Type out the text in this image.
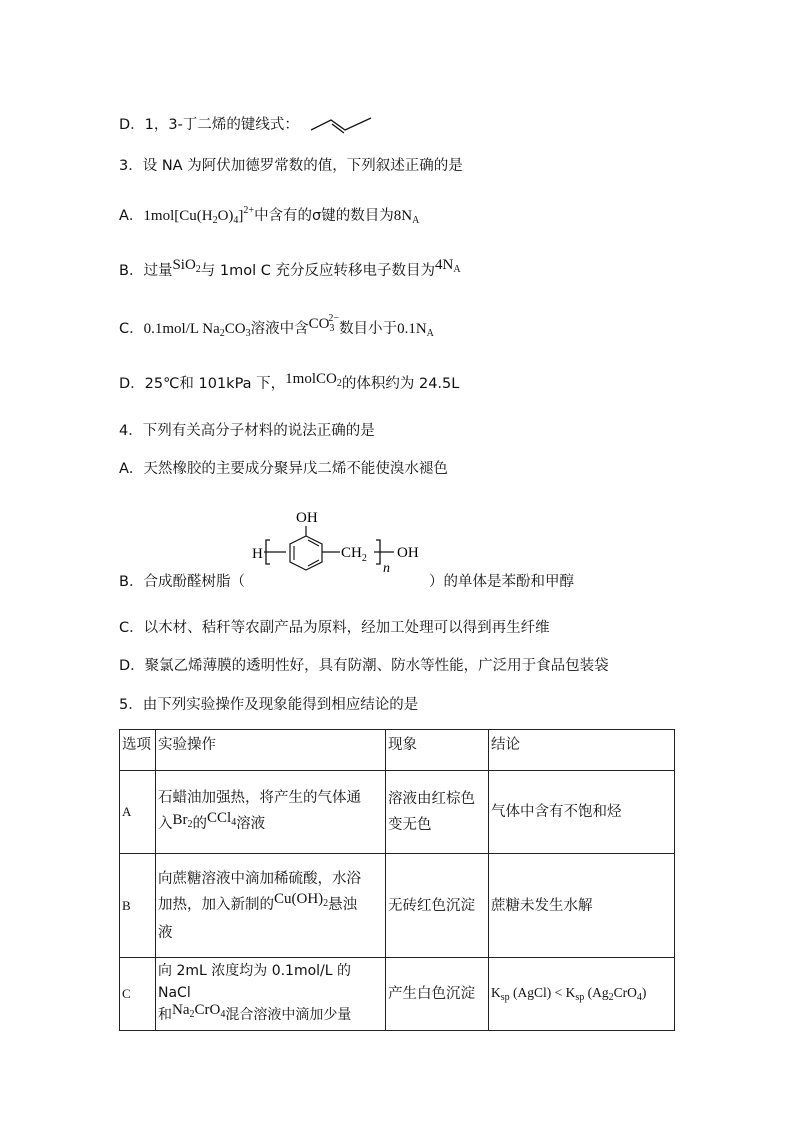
D．1，3-丁二烯的键线式：
3．设 NA 为阿伏加德罗常数的值，下列叙述正确的是
A．$1mol[Cu(H_2O)_4]^{2+}$中含有的σ键的数目为$8N_A$
B．过量SiO$_2$与 1mol C 充分反应转移电子数目为$4N_A$
C．0.1mol/L $Na_2CO_3$溶液中含$CO_3^{2-}$数目小于$0.1N_A$
D．25℃和 101kPa 下，1molCO$_2$的体积约为 24.5L
4．下列有关高分子材料的说法正确的是
A．天然橡胶的主要成分聚异戊二烯不能使溴水褪色
OH
H	$CH_2$
n
OH
B．合成酚醛树脂（	）的单体是苯酚和甲醇
C．以木材、秸秆等农副产品为原料，经加工处理可以得到再生纤维
D．聚氯乙烯薄膜的透明性好，具有防潮、防水等性能，广泛用于食品包装袋
5．由下列实验操作及现象能得到相应结论的是
选项	实验操作	现象	结论
A	石蜡油加强热，将产生的气体通
入$Br_2$的CCl$_4$溶液	溶液由红棕色变无色	气体中含有不饱和烃
B	向蔗糖溶液中滴加稀硫酸，水浴
加热，加入新制的$Cu(OH)_2$悬浊
液	无砖红色沉淀	蔗糖未发生水解
C	向 2mL 浓度均为 0.1mol/L 的 NaCl
和$Na_2CrO_4$混合溶液中滴加少量	产生白色沉淀	$K_{sp}$ (AgCl) < $K_{sp}$ $(Ag_2CrO_4)$
